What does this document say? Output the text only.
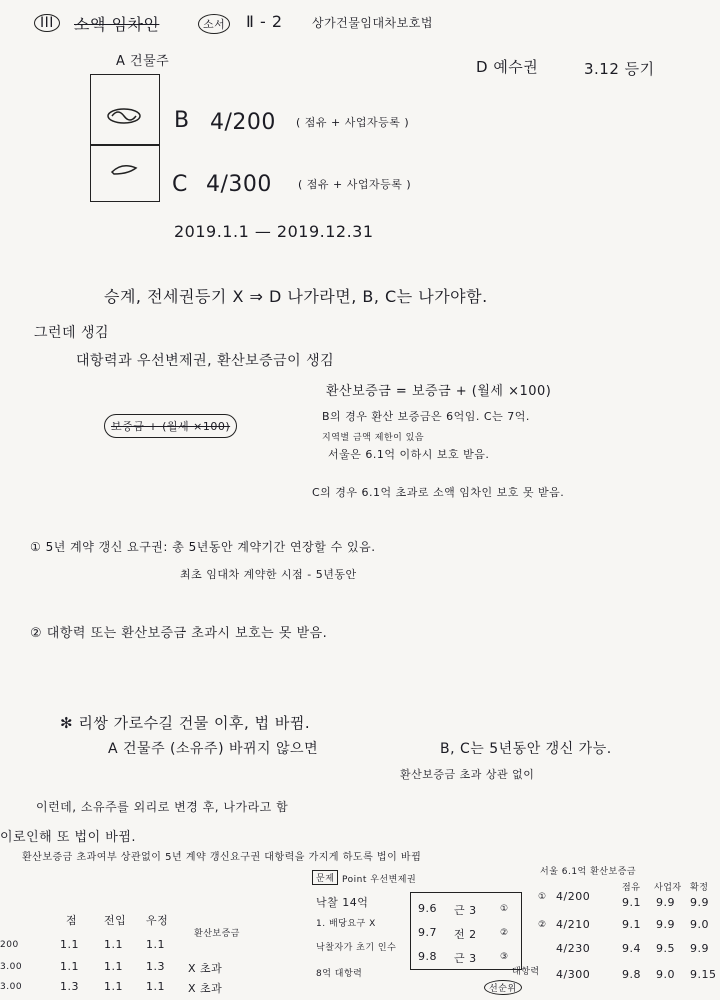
III	소액 임차인	소서	Ⅱ - 2 상가건물임대차보호법
A 건물주	D 예수권	3.12 등기
B 4/200 ( 점유 + 사업자등록 )
C 4/300 ( 점유 + 사업자등록 )
2019.1.1 — 2019.12.31
승계, 전세권등기 X ⇒ D 나가라면, B, C는 나가야함.
그런데 생김
대항력과 우선변제권, 환산보증금이 생김
보증금 + (월세 ×100)
환산보증금 = 보증금 + (월세 ×100)
B의 경우 환산 보증금은 6억임. C는 7억.
지역별 금액 제한이 있음
서울은 6.1억 이하시 보호 받음.
C의 경우 6.1억 초과로 소액 임차인 보호 못 받음.
① 5년 계약 갱신 요구권: 총 5년동안 계약기간 연장할 수 있음.
최초 임대차 계약한 시점 - 5년동안
② 대항력 또는 환산보증금 초과시 보호는 못 받음.
✻ 리쌍 가로수길 건물 이후, 법 바뀜.
A 건물주 (소유주) 바뀌지 않으면	B, C는 5년동안 갱신 가능.
환산보증금 초과 상관 없이
이런데, 소유주를 외리로 변경 후, 나가라고 함
이로인해 또 법이 바뀜.
환산보증금 초과여부 상관없이 5년 계약 갱신요구권 대항력을 가지게 하도록 법이 바뀜
점 전입 우정
환산보증금
200	1.1 1.1 1.1
3.00	1.1 1.1 1.3 X 초과
3.00	1.3 1.1 1.1 X 초과
문제 Point 우선변제권
낙찰 14억
1. 배당요구 X
낙찰자가 초기 인수
8억 대항력
9.6 근 3	①
9.7 전 2	②
9.8 근 3	③
대항력
선순위
서울 6.1억 환산보증금
점유 사업자 확정
① 4/200	9.1 9.9 9.9
② 4/210	9.1 9.9 9.0
4/230	9.4 9.5 9.9
4/300	9.8 9.0 9.15
